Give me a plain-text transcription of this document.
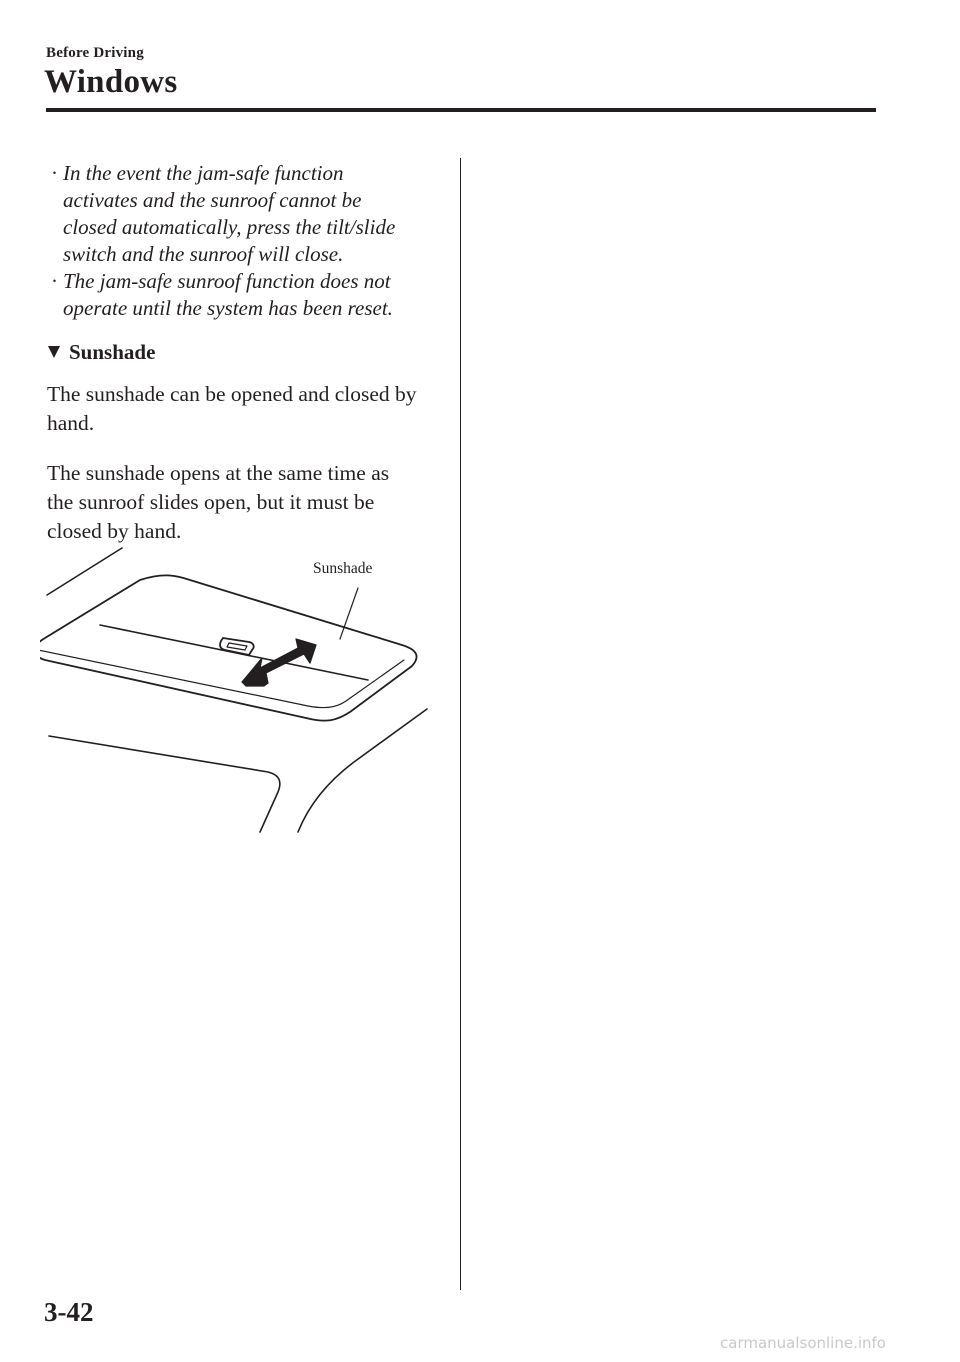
Before Driving
Windows
· In the event the jam-safe function
activates and the sunroof cannot be
closed automatically, press the tilt/slide
switch and the sunroof will close.
· The jam-safe sunroof function does not
operate until the system has been reset.
Sunshade

The sunshade can be opened and closed by
hand.

The sunshade opens at the same time as
the sunroof slides open, but it must be
closed by hand.

Sunshade
3-42
carmanualsonline.info
